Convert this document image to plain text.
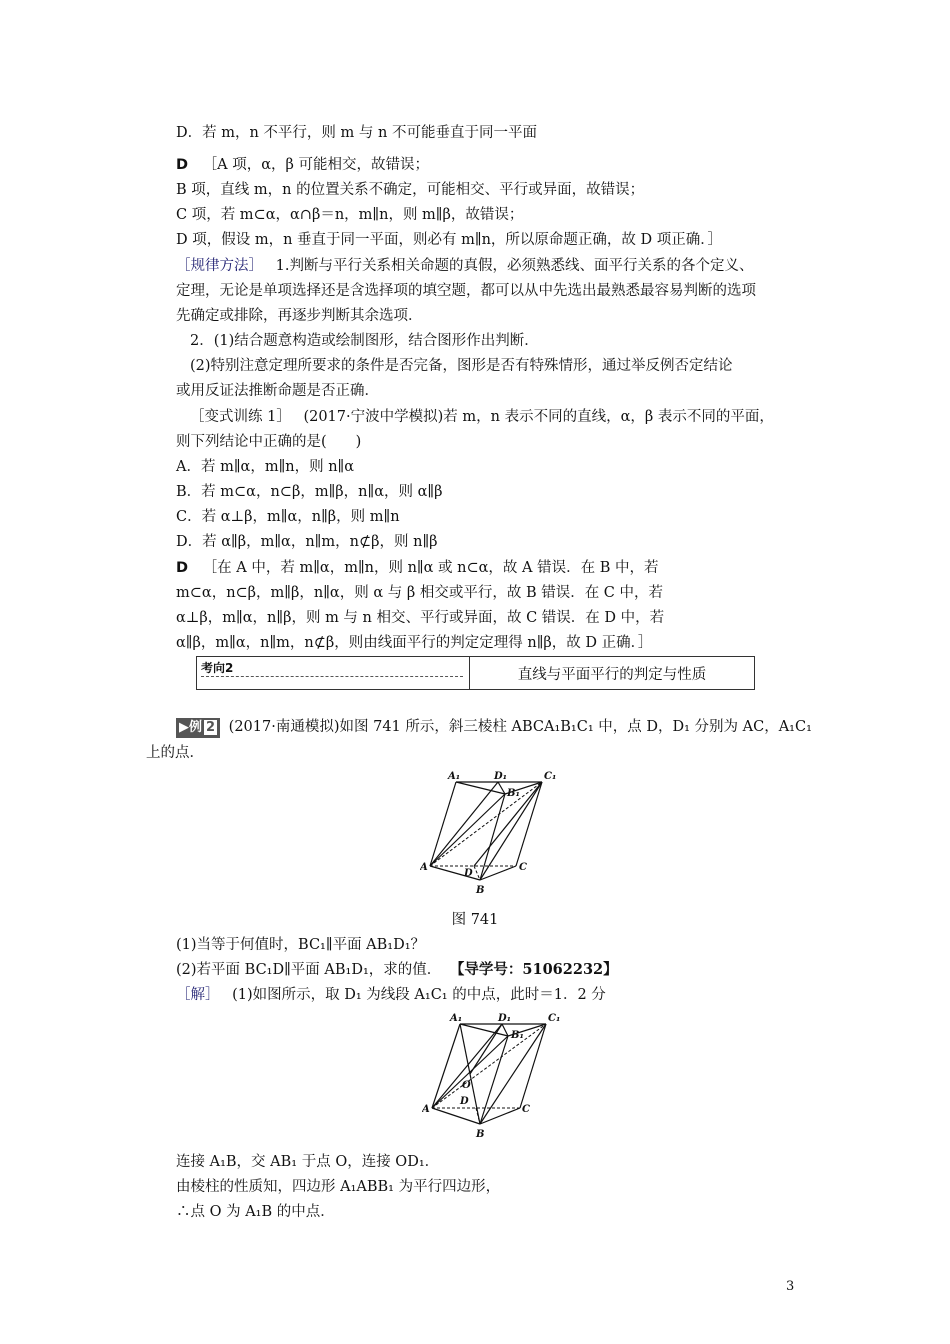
D．若 m，n 不平行，则 m 与 n 不可能垂直于同一平面
D ［A 项，α，β 可能相交，故错误；
B 项，直线 m，n 的位置关系不确定，可能相交、平行或异面，故错误；
C 项，若 m⊂α，α∩β＝n，m∥n，则 m∥β，故错误；
D 项，假设 m，n 垂直于同一平面，则必有 m∥n，所以原命题正确，故 D 项正确．］
［规律方法］ 1.判断与平行关系相关命题的真假，必须熟悉线、面平行关系的各个定义、
定理，无论是单项选择还是含选择项的填空题，都可以从中先选出最熟悉最容易判断的选项
先确定或排除，再逐步判断其余选项．
2．(1)结合题意构造或绘制图形，结合图形作出判断．
(2)特别注意定理所要求的条件是否完备，图形是否有特殊情形，通过举反例否定结论
或用反证法推断命题是否正确．
［变式训练 1］ (2017·宁波中学模拟)若 m，n 表示不同的直线，α，β 表示不同的平面，
则下列结论中正确的是(　　)
A．若 m∥α，m∥n，则 n∥α
B．若 m⊂α，n⊂β，m∥β，n∥α，则 α∥β
C．若 α⊥β，m∥α，n∥β，则 m∥n
D．若 α∥β，m∥α，n∥m，n⊄β，则 n∥β
D ［在 A 中，若 m∥α，m∥n，则 n∥α 或 n⊂α，故 A 错误．在 B 中，若
m⊂α，n⊂β，m∥β，n∥α，则 α 与 β 相交或平行，故 B 错误．在 C 中，若
α⊥β，m∥α，n∥β，则 m 与 n 相交、平行或异面，故 C 错误．在 D 中，若
α∥β，m∥α，n∥m，n⊄β，则由线面平行的判定定理得 n∥β，故 D 正确．］
考向2	直线与平面平行的判定与性质
▶例 2 (2017·南通模拟)如图 741 所示，斜三棱柱 ABCA₁B₁C₁ 中，点 D，D₁ 分别为 AC，A₁C₁
上的点．
A₁	D₁	C₁
B₁
A
D
C
B
图 741
(1)当等于何值时，BC₁∥平面 AB₁D₁？
(2)若平面 BC₁D∥平面 AB₁D₁，求的值． 【导学号：51062232】
［解］ (1)如图所示，取 D₁ 为线段 A₁C₁ 的中点，此时＝1．2 分
A₁	D₁	C₁
B₁
O
A
D
C
B
连接 A₁B，交 AB₁ 于点 O，连接 OD₁．
由棱柱的性质知，四边形 A₁ABB₁ 为平行四边形，
∴点 O 为 A₁B 的中点．
3
